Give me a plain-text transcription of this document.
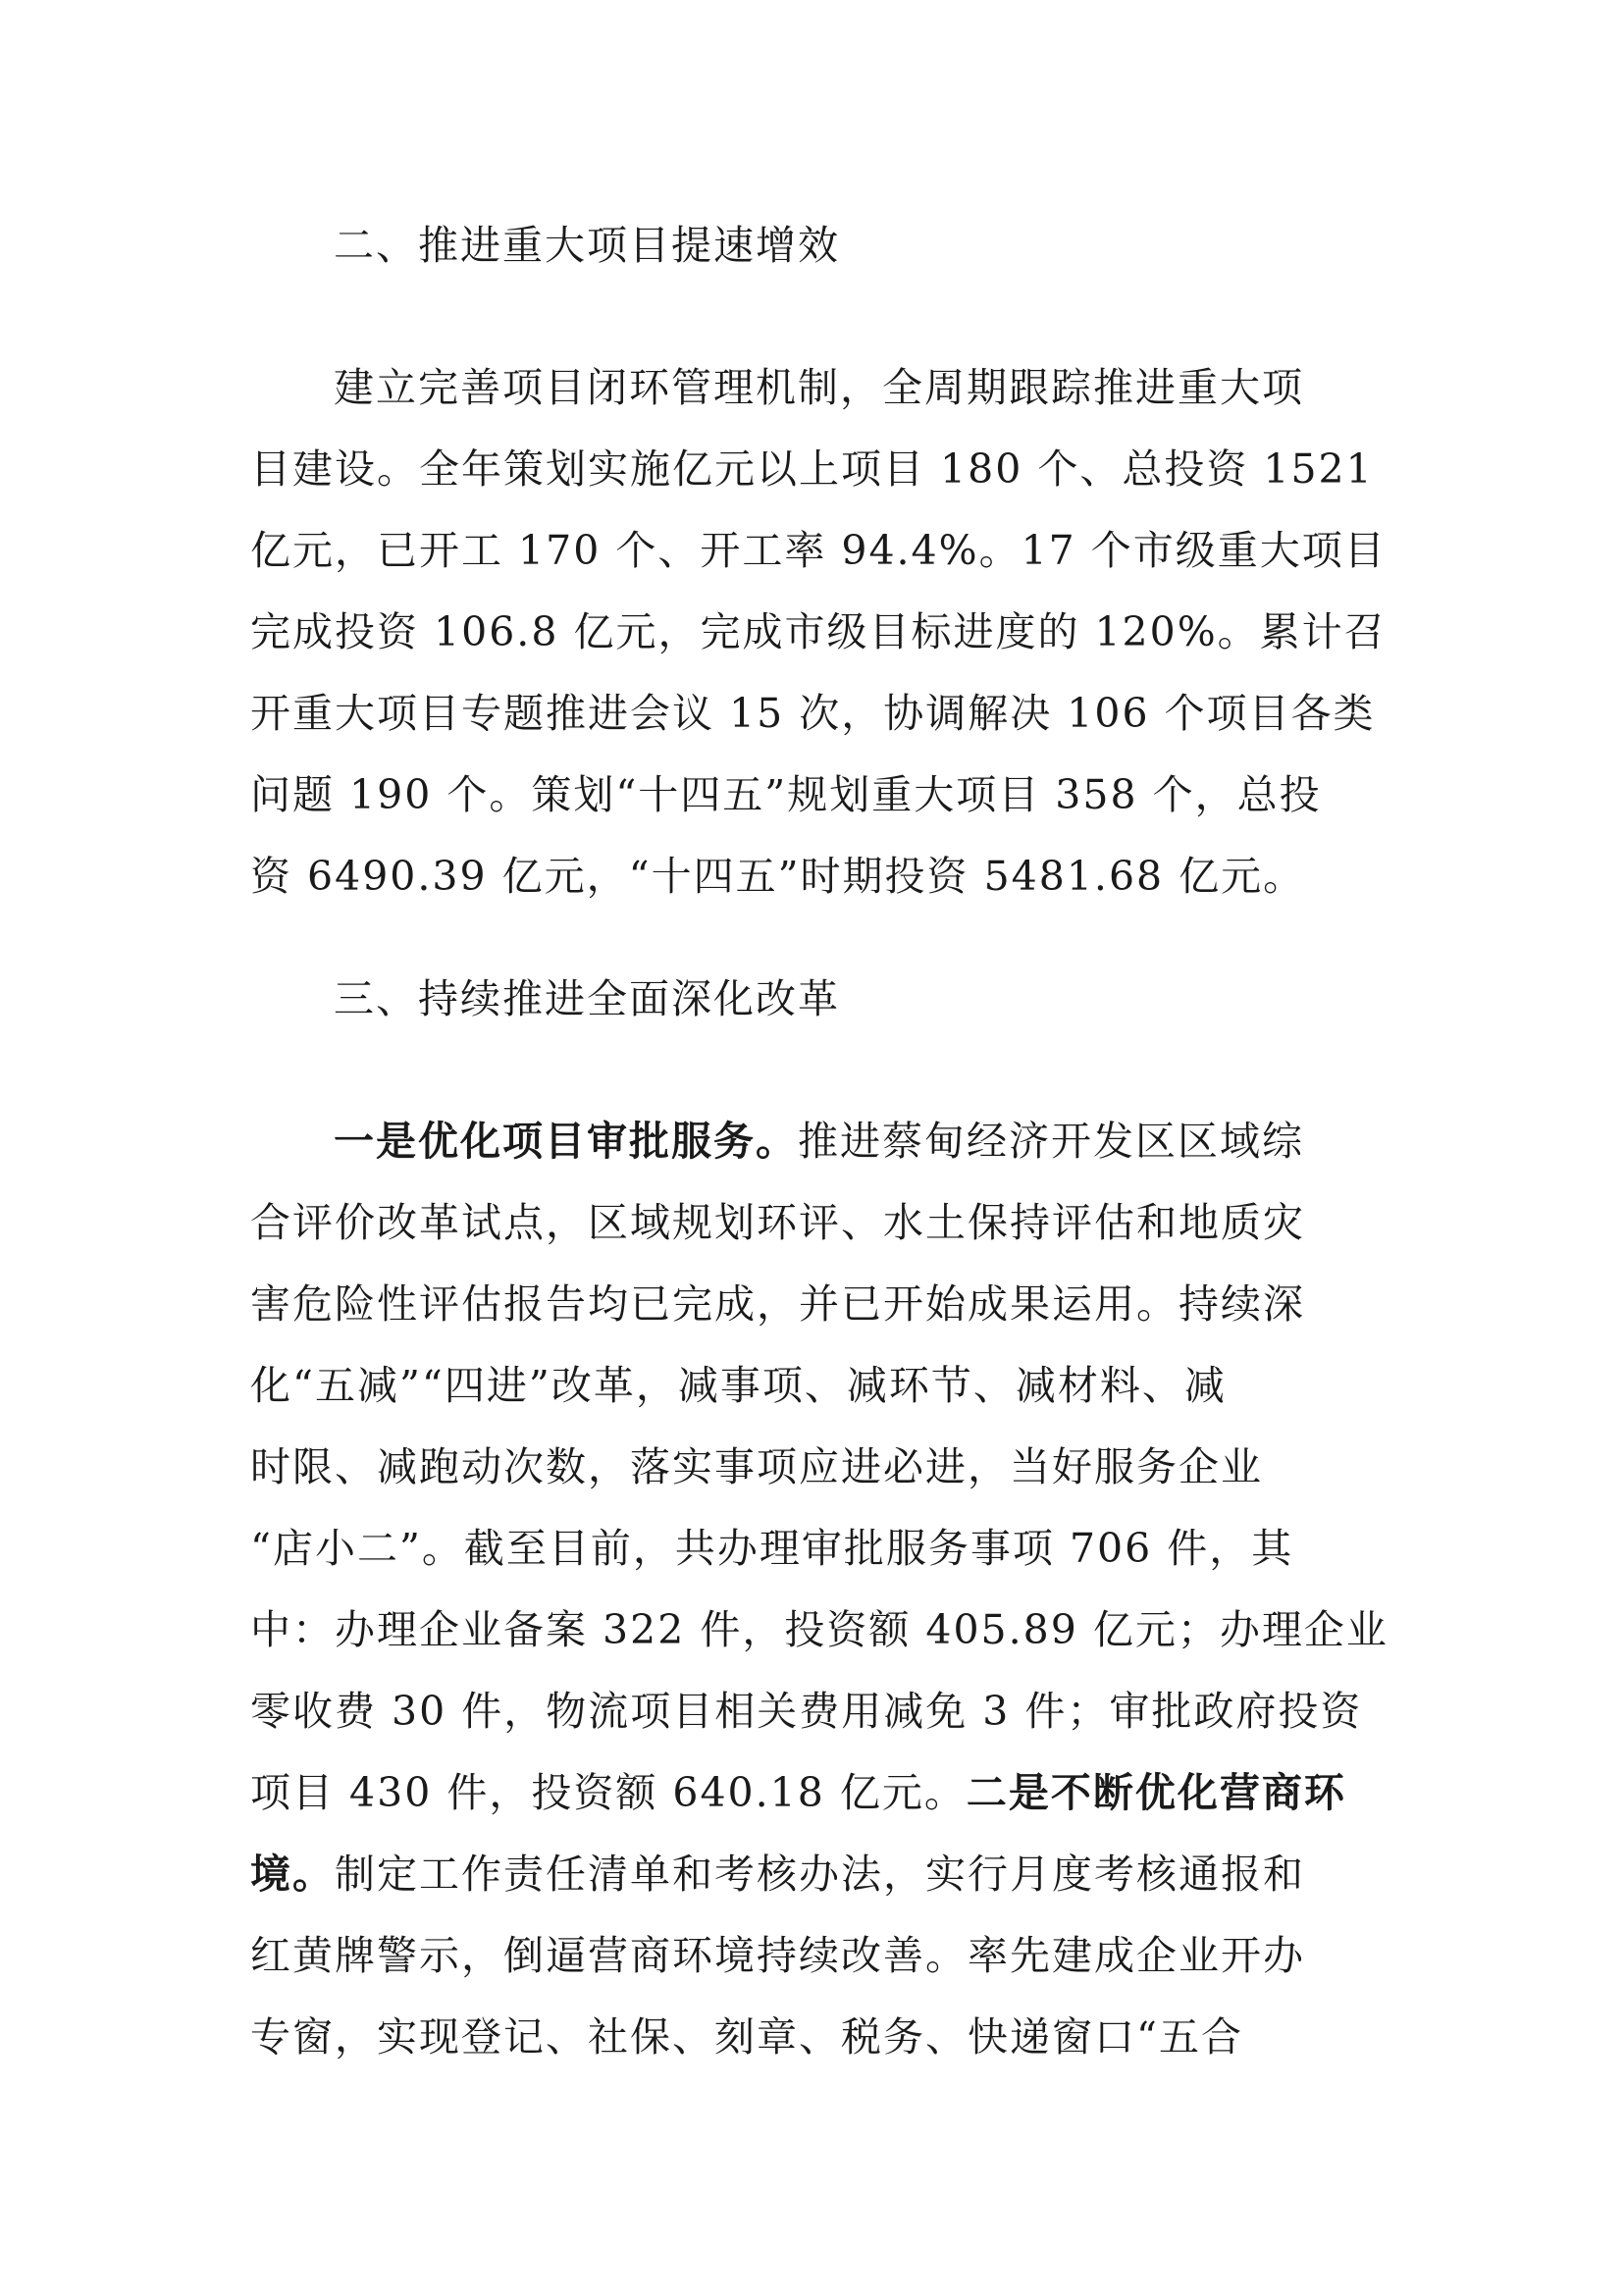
二、推进重大项目提速增效
建立完善项目闭环管理机制，全周期跟踪推进重大项
目建设。全年策划实施亿元以上项目 180 个、总投资 1521
亿元，已开工 170 个、开工率 94.4%。17 个市级重大项目
完成投资 106.8 亿元，完成市级目标进度的 120%。累计召
开重大项目专题推进会议 15 次，协调解决 106 个项目各类
问题 190 个。策划“十四五”规划重大项目 358 个，总投
资 6490.39 亿元，“十四五”时期投资 5481.68 亿元。
三、持续推进全面深化改革
一是优化项目审批服务。推进蔡甸经济开发区区域综
合评价改革试点，区域规划环评、水土保持评估和地质灾
害危险性评估报告均已完成，并已开始成果运用。持续深
化“五减”“四进”改革，减事项、减环节、减材料、减
时限、减跑动次数，落实事项应进必进，当好服务企业
“店小二”。截至目前，共办理审批服务事项 706 件，其
中：办理企业备案 322 件，投资额 405.89 亿元；办理企业
零收费 30 件，物流项目相关费用减免 3 件；审批政府投资
项目 430 件，投资额 640.18 亿元。二是不断优化营商环
境。制定工作责任清单和考核办法，实行月度考核通报和
红黄牌警示，倒逼营商环境持续改善。率先建成企业开办
专窗，实现登记、社保、刻章、税务、快递窗口“五合
